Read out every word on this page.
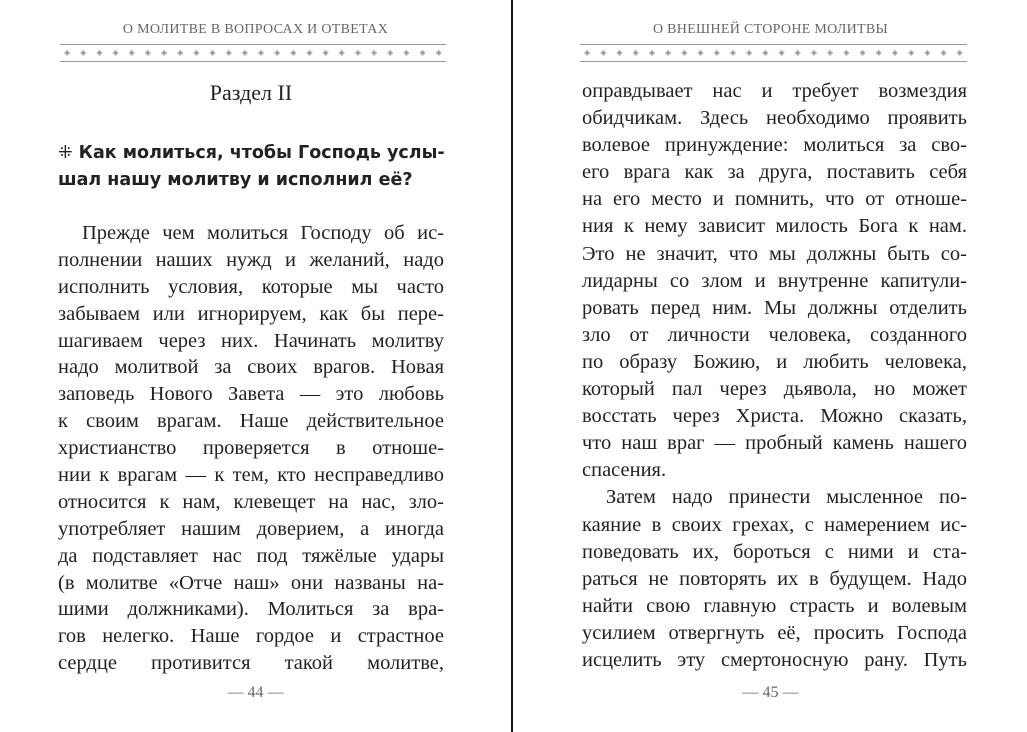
О МОЛИТВЕ В ВОПРОСАХ И ОТВЕТАХ
◈ ◈ ◈ ◈ ◈ ◈ ◈ ◈ ◈ ◈ ◈ ◈ ◈ ◈ ◈ ◈ ◈ ◈ ◈ ◈ ◈ ◈ ◈ ◈
Раздел II
⁜ Как молиться, чтобы Господь услы-
шал нашу молитву и исполнил её?
Прежде чем молиться Господу об ис-
полнении наших нужд и желаний, надо
исполнить условия, которые мы часто
забываем или игнорируем, как бы пере-
шагиваем через них. Начинать молитву
надо молитвой за своих врагов. Новая
заповедь Нового Завета — это любовь
к своим врагам. Наше действительное
христианство проверяется в отноше-
нии к врагам — к тем, кто несправедливо
относится к нам, клевещет на нас, зло-
употребляет нашим доверием, а иногда
да подставляет нас под тяжёлые удары
(в молитве «Отче наш» они названы на-
шими должниками). Молиться за вра-
гов нелегко. Наше гордое и страстное
сердце противится такой молитве,
— 44 —
О ВНЕШНЕЙ СТОРОНЕ МОЛИТВЫ
◈ ◈ ◈ ◈ ◈ ◈ ◈ ◈ ◈ ◈ ◈ ◈ ◈ ◈ ◈ ◈ ◈ ◈ ◈ ◈ ◈ ◈ ◈ ◈
оправдывает нас и требует возмездия
обидчикам. Здесь необходимо проявить
волевое принуждение: молиться за сво-
его врага как за друга, поставить себя
на его место и помнить, что от отноше-
ния к нему зависит милость Бога к нам.
Это не значит, что мы должны быть со-
лидарны со злом и внутренне капитули-
ровать перед ним. Мы должны отделить
зло от личности человека, созданного
по образу Божию, и любить человека,
который пал через дьявола, но может
восстать через Христа. Можно сказать,
что наш враг — пробный камень нашего
спасения.
Затем надо принести мысленное по-
каяние в своих грехах, с намерением ис-
поведовать их, бороться с ними и ста-
раться не повторять их в будущем. Надо
найти свою главную страсть и волевым
усилием отвергнуть её, просить Господа
исцелить эту смертоносную рану. Путь
— 45 —
